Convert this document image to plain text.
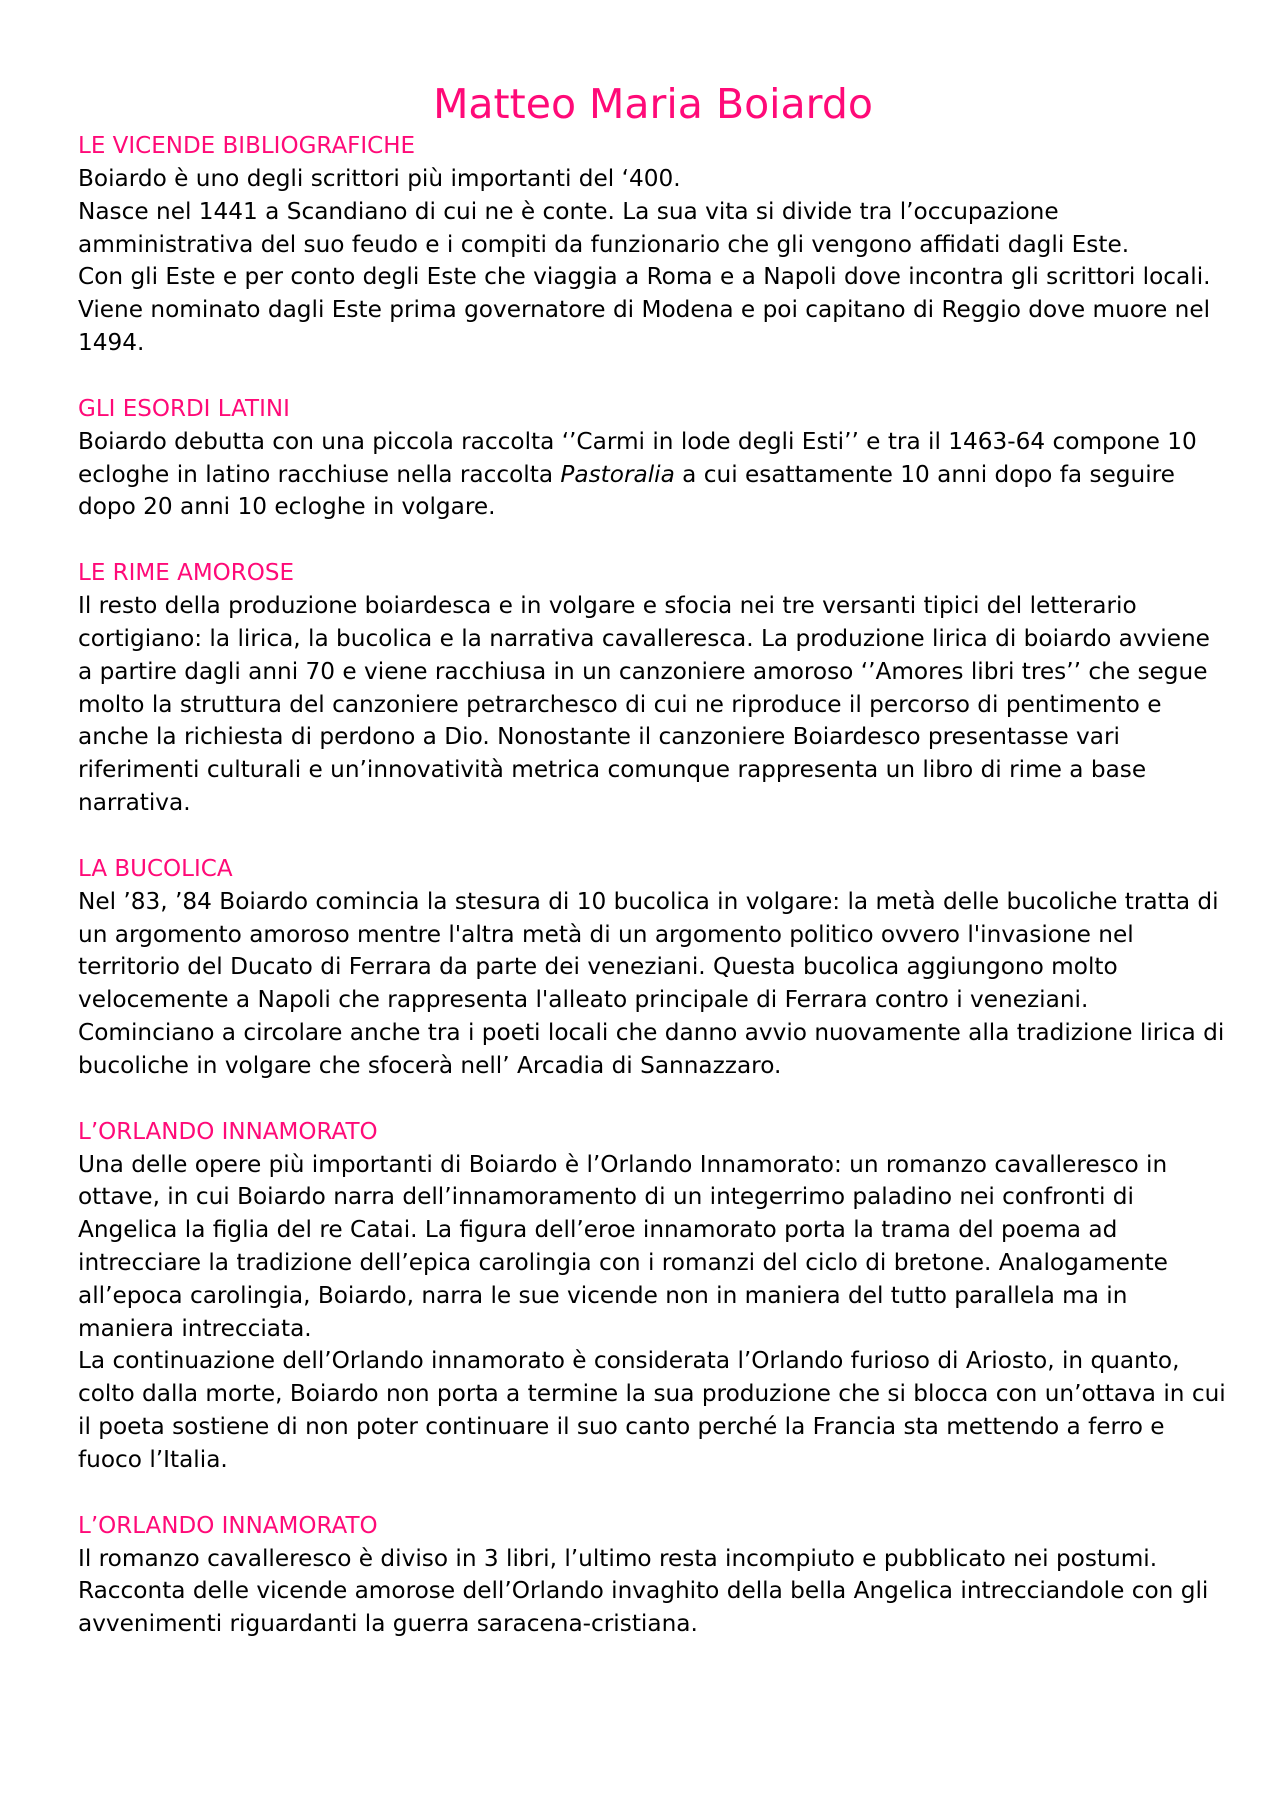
Matteo Maria Boiardo
LE VICENDE BIBLIOGRAFICHE

Boiardo è uno degli scrittori più importanti del ‘400.

Nasce nel 1441 a Scandiano di cui ne è conte. La sua vita si divide tra l’occupazione amministrativa del suo feudo e i compiti da funzionario che gli vengono affidati dagli Este.

Con gli Este e per conto degli Este che viaggia a Roma e a Napoli dove incontra gli scrittori locali. Viene nominato dagli Este prima governatore di Modena e poi capitano di Reggio dove muore nel 1494.

GLI ESORDI LATINI

Boiardo debutta con una piccola raccolta ‘’Carmi in lode degli Esti’’ e tra il 1463-64 compone 10 ecloghe in latino racchiuse nella raccolta Pastoralia a cui esattamente 10 anni dopo fa seguire dopo 20 anni 10 ecloghe in volgare.

LE RIME AMOROSE

Il resto della produzione boiardesca e in volgare e sfocia nei tre versanti tipici del letterario cortigiano: la lirica, la bucolica e la narrativa cavalleresca. La produzione lirica di boiardo avviene a partire dagli anni 70 e viene racchiusa in un canzoniere amoroso ‘’Amores libri tres’’ che segue molto la struttura del canzoniere petrarchesco di cui ne riproduce il percorso di pentimento e anche la richiesta di perdono a Dio. Nonostante il canzoniere Boiardesco presentasse vari riferimenti culturali e un’innovatività metrica comunque rappresenta un libro di rime a base narrativa.

LA BUCOLICA

Nel ’83, ’84 Boiardo comincia la stesura di 10 bucolica in volgare: la metà delle bucoliche tratta di un argomento amoroso mentre l'altra metà di un argomento politico ovvero l'invasione nel territorio del Ducato di Ferrara da parte dei veneziani. Questa bucolica aggiungono molto velocemente a Napoli che rappresenta l'alleato principale di Ferrara contro i veneziani. Cominciano a circolare anche tra i poeti locali che danno avvio nuovamente alla tradizione lirica di bucoliche in volgare che sfocerà nell’ Arcadia di Sannazzaro.

L’ORLANDO INNAMORATO

Una delle opere più importanti di Boiardo è l’Orlando Innamorato: un romanzo cavalleresco in ottave, in cui Boiardo narra dell’innamoramento di un integerrimo paladino nei confronti di Angelica la figlia del re Catai. La figura dell’eroe innamorato porta la trama del poema ad intrecciare la tradizione dell’epica carolingia con i romanzi del ciclo di bretone. Analogamente all’epoca carolingia, Boiardo, narra le sue vicende non in maniera del tutto parallela ma in maniera intrecciata.

La continuazione dell’Orlando innamorato è considerata l’Orlando furioso di Ariosto, in quanto, colto dalla morte, Boiardo non porta a termine la sua produzione che si blocca con un’ottava in cui il poeta sostiene di non poter continuare il suo canto perché la Francia sta mettendo a ferro e fuoco l’Italia.

L’ORLANDO INNAMORATO

Il romanzo cavalleresco è diviso in 3 libri, l’ultimo resta incompiuto e pubblicato nei postumi.

Racconta delle vicende amorose dell’Orlando invaghito della bella Angelica intrecciandole con gli avvenimenti riguardanti la guerra saracena-cristiana.
